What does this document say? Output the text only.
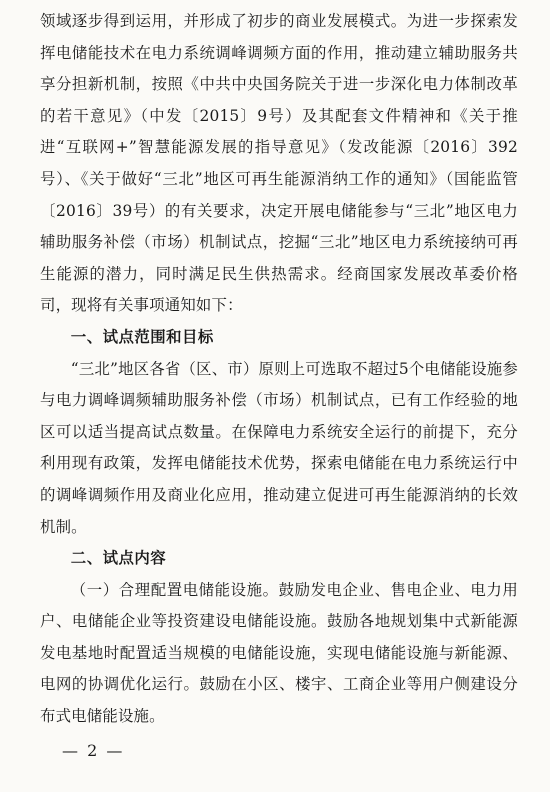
领域逐步得到运用，并形成了初步的商业发展模式。为进一步探索发挥电储能技术在电力系统调峰调频方面的作用，推动建立辅助服务共享分担新机制，按照《中共中央国务院关于进一步深化电力体制改革的若干意见》（中发〔2015〕9号）及其配套文件精神和《关于推进“互联网+”智慧能源发展的指导意见》（发改能源〔2016〕392号）、《关于做好“三北”地区可再生能源消纳工作的通知》（国能监管〔2016〕39号）的有关要求，决定开展电储能参与“三北”地区电力辅助服务补偿（市场）机制试点，挖掘“三北”地区电力系统接纳可再生能源的潜力，同时满足民生供热需求。经商国家发展改革委价格司，现将有关事项通知如下：

一、试点范围和目标

“三北”地区各省（区、市）原则上可选取不超过5个电储能设施参与电力调峰调频辅助服务补偿（市场）机制试点，已有工作经验的地区可以适当提高试点数量。在保障电力系统安全运行的前提下，充分利用现有政策，发挥电储能技术优势，探索电储能在电力系统运行中的调峰调频作用及商业化应用，推动建立促进可再生能源消纳的长效机制。

二、试点内容

（一）合理配置电储能设施。鼓励发电企业、售电企业、电力用户、电储能企业等投资建设电储能设施。鼓励各地规划集中式新能源发电基地时配置适当规模的电储能设施，实现电储能设施与新能源、电网的协调优化运行。鼓励在小区、楼宇、工商企业等用户侧建设分布式电储能设施。

— 2 —
